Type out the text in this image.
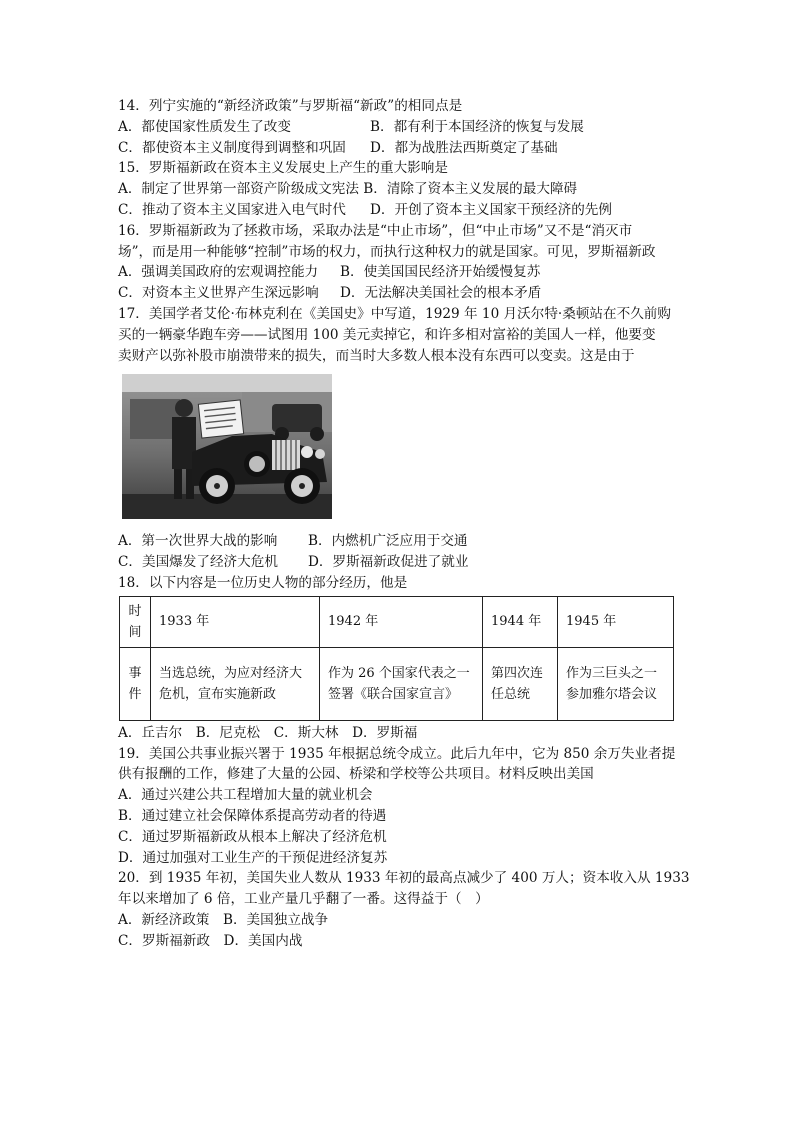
14．列宁实施的“新经济政策”与罗斯福“新政”的相同点是
A．都使国家性质发生了改变	B．都有利于本国经济的恢复与发展
C．都使资本主义制度得到调整和巩固	D．都为战胜法西斯奠定了基础
15．罗斯福新政在资本主义发展史上产生的重大影响是
A．制定了世界第一部资产阶级成文宪法 B．清除了资本主义发展的最大障碍
C．推动了资本主义国家进入电气时代	D．开创了资本主义国家干预经济的先例
16．罗斯福新政为了拯救市场，采取办法是“中止市场”，但“中止市场”又不是“消灭市
场”，而是用一种能够“控制”市场的权力，而执行这种权力的就是国家。可见，罗斯福新政
A．强调美国政府的宏观调控能力	B．使美国国民经济开始缓慢复苏
C．对资本主义世界产生深远影响	D．无法解决美国社会的根本矛盾
17．美国学者艾伦·布林克利在《美国史》中写道，1929 年 10 月沃尔特·桑顿站在不久前购
买的一辆豪华跑车旁——试图用 100 美元卖掉它，和许多相对富裕的美国人一样，他要变
卖财产以弥补股市崩溃带来的损失，而当时大多数人根本没有东西可以变卖。这是由于
A．第一次世界大战的影响	B．内燃机广泛应用于交通
C．美国爆发了经济大危机	D．罗斯福新政促进了就业
18．以下内容是一位历史人物的部分经历，他是
时间	1933 年	1942 年	1944 年	1945 年
事件	当选总统，为应对经济大危机，宣布实施新政	作为 26 个国家代表之一签署《联合国家宣言》	第四次连任总统	作为三巨头之一参加雅尔塔会议
A．丘吉尔　B．尼克松　C．斯大林　D．罗斯福
19．美国公共事业振兴署于 1935 年根据总统令成立。此后九年中，它为 850 余万失业者提
供有报酬的工作，修建了大量的公园、桥梁和学校等公共项目。材料反映出美国
A．通过兴建公共工程增加大量的就业机会
B．通过建立社会保障体系提高劳动者的待遇
C．通过罗斯福新政从根本上解决了经济危机
D．通过加强对工业生产的干预促进经济复苏
20．到 1935 年初，美国失业人数从 1933 年初的最高点减少了 400 万人；资本收入从 1933
年以来增加了 6 倍，工业产量几乎翻了一番。这得益于（　）
A．新经济政策　B．美国独立战争
C．罗斯福新政　D．美国内战
